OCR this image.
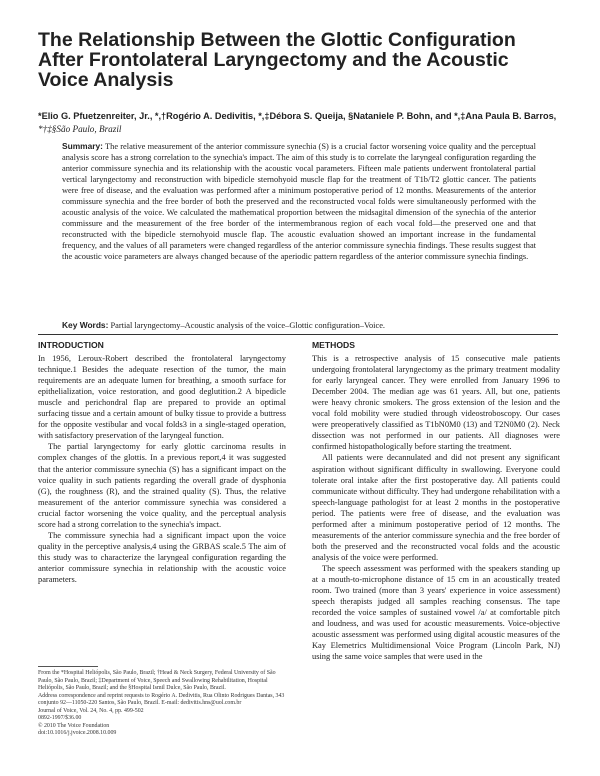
The Relationship Between the Glottic Configuration After Frontolateral Laryngectomy and the Acoustic Voice Analysis
*Elio G. Pfuetzenreiter, Jr., *,†Rogério A. Dedivitis, *,‡Débora S. Queija, §Nataniele P. Bohn, and *,‡Ana Paula B. Barros, *†‡§São Paulo, Brazil
Summary: The relative measurement of the anterior commissure synechia (S) is a crucial factor worsening voice quality and the perceptual analysis score has a strong correlation to the synechia's impact. The aim of this study is to correlate the laryngeal configuration regarding the anterior commissure synechia and its relationship with the acoustic vocal parameters. Fifteen male patients underwent frontolateral partial vertical laryngectomy and reconstruction with bipedicle sternohyoid muscle flap for the treatment of T1b/T2 glottic cancer. The patients were free of disease, and the evaluation was performed after a minimum postoperative period of 12 months. Measurements of the anterior commissure synechia and the free border of both the preserved and the reconstructed vocal folds were simultaneously performed with the acoustic analysis of the voice. We calculated the mathematical proportion between the midsagital dimension of the synechia of the anterior commissure and the measurement of the free border of the intermembranous region of each vocal fold—the preserved one and that reconstructed with the bipedicle sternohyoid muscle flap. The acoustic evaluation showed an important increase in the fundamental frequency, and the values of all parameters were changed regardless of the anterior commissure synechia findings. These results suggest that the acoustic voice parameters are always changed because of the aperiodic pattern regardless of the anterior commissure synechia findings.
Key Words: Partial laryngectomy–Acoustic analysis of the voice–Glottic configuration–Voice.
INTRODUCTION

In 1956, Leroux-Robert described the frontolateral laryngectomy technique.1 Besides the adequate resection of the tumor, the main requirements are an adequate lumen for breathing, a smooth surface for epithelialization, voice restoration, and good deglutition.2 A bipedicle muscle and perichondral flap are prepared to provide an optimal surfacing tissue and a certain amount of bulky tissue to provide a buttress for the opposite vestibular and vocal folds3 in a single-staged operation, with satisfactory preservation of the laryngeal function.

The partial laryngectomy for early glottic carcinoma results in complex changes of the glottis. In a previous report,4 it was suggested that the anterior commissure synechia (S) has a significant impact on the voice quality in such patients regarding the overall grade of dysphonia (G), the roughness (R), and the strained quality (S). Thus, the relative measurement of the anterior commissure synechia was considered a crucial factor worsening the voice quality, and the perceptual analysis score had a strong correlation to the synechia's impact.

The commissure synechia had a significant impact upon the voice quality in the perceptive analysis,4 using the GRBAS scale.5 The aim of this study was to characterize the laryngeal configuration regarding the anterior commissure synechia in relationship with the acoustic voice parameters.

From the *Hospital Heliópolis, São Paulo, Brazil; †Head & Neck Surgery, Federal University of São Paulo, São Paulo, Brazil; ‡Department of Voice, Speech and Swallowing Rehabilitation, Hospital Heliópolis, São Paulo, Brazil; and the §Hospital Ismil Dulce, São Paulo, Brazil.
Address correspondence and reprint requests to Rogério A. Dedivitis, Rua Olinto Rodrigues Dantas, 343 conjunto 92—11050-220 Santos, São Paulo, Brazil. E-mail: dedivitis.hns@uol.com.br
Journal of Voice, Vol. 24, No. 4, pp. 499-502
0892-1997/$36.00
© 2010 The Voice Foundation
doi:10.1016/j.jvoice.2008.10.009
METHODS

This is a retrospective analysis of 15 consecutive male patients undergoing frontolateral laryngectomy as the primary treatment modality for early laryngeal cancer. They were enrolled from January 1996 to December 2004. The median age was 61 years. All, but one, patients were heavy chronic smokers. The gross extension of the lesion and the vocal fold mobility were studied through videostroboscopy. Our cases were preoperatively classified as T1bN0M0 (13) and T2N0M0 (2). Neck dissection was not performed in our patients. All diagnoses were confirmed histopathologically before starting the treatment.

All patients were decannulated and did not present any significant aspiration without significant difficulty in swallowing. Everyone could tolerate oral intake after the first postoperative day. All patients could communicate without difficulty. They had undergone rehabilitation with a speech-language pathologist for at least 2 months in the postoperative period. The patients were free of disease, and the evaluation was performed after a minimum postoperative period of 12 months. The measurements of the anterior commissure synechia and the free border of both the preserved and the reconstructed vocal folds and the acoustic analysis of the voice were performed.

The speech assessment was performed with the speakers standing up at a mouth-to-microphone distance of 15 cm in an acoustically treated room. Two trained (more than 3 years' experience in voice assessment) speech therapists judged all samples reaching consensus. The tape recorded the voice samples of sustained vowel /a/ at comfortable pitch and loudness, and was used for acoustic measurements. Voice-objective acoustic assessment was performed using digital acoustic measures of the Kay Elemetrics Multidimensional Voice Program (Lincoln Park, NJ) using the same voice samples that were used in the
